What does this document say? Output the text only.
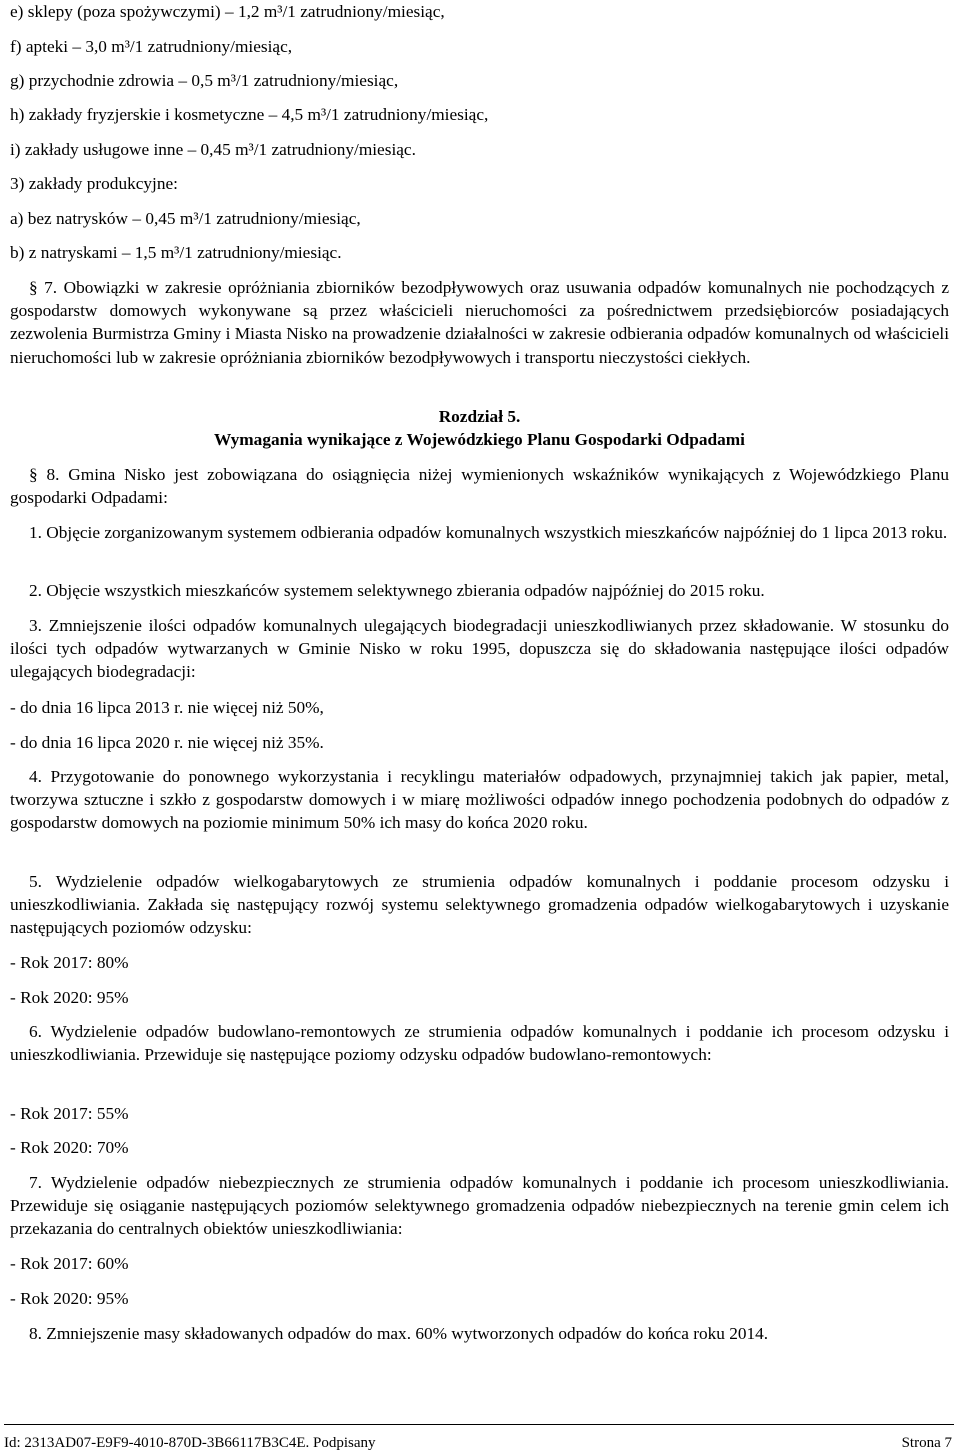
e) sklepy (poza spożywczymi) – 1,2 m³/1 zatrudniony/miesiąc,

f) apteki – 3,0 m³/1 zatrudniony/miesiąc,

g) przychodnie zdrowia – 0,5 m³/1 zatrudniony/miesiąc,

h) zakłady fryzjerskie i kosmetyczne – 4,5 m³/1 zatrudniony/miesiąc,

i) zakłady usługowe inne – 0,45 m³/1 zatrudniony/miesiąc.

3) zakłady produkcyjne:

a) bez natrysków – 0,45 m³/1 zatrudniony/miesiąc,

b) z natryskami – 1,5 m³/1 zatrudniony/miesiąc.

§ 7. Obowiązki w zakresie opróżniania zbiorników bezodpływowych oraz usuwania odpadów komunalnych nie pochodzących z gospodarstw domowych wykonywane są przez właścicieli nieruchomości za pośrednictwem przedsiębiorców posiadających zezwolenia Burmistrza Gminy i Miasta Nisko na prowadzenie działalności w zakresie odbierania odpadów komunalnych od właścicieli nieruchomości lub w zakresie opróżniania zbiorników bezodpływowych i transportu nieczystości ciekłych.

Rozdział 5.

Wymagania wynikające z Wojewódzkiego Planu Gospodarki Odpadami

§ 8. Gmina Nisko jest zobowiązana do osiągnięcia niżej wymienionych wskaźników wynikających z Wojewódzkiego Planu gospodarki Odpadami:

1. Objęcie zorganizowanym systemem odbierania odpadów komunalnych wszystkich mieszkańców najpóźniej do 1 lipca 2013 roku.

2. Objęcie wszystkich mieszkańców systemem selektywnego zbierania odpadów najpóźniej do 2015 roku.

3. Zmniejszenie ilości odpadów komunalnych ulegających biodegradacji unieszkodliwianych przez składowanie. W stosunku do ilości tych odpadów wytwarzanych w Gminie Nisko w roku 1995, dopuszcza się do składowania następujące ilości odpadów ulegających biodegradacji:

- do dnia 16 lipca 2013 r. nie więcej niż 50%,

- do dnia 16 lipca 2020 r. nie więcej niż 35%.

4. Przygotowanie do ponownego wykorzystania i recyklingu materiałów odpadowych, przynajmniej takich jak papier, metal, tworzywa sztuczne i szkło z gospodarstw domowych i w miarę możliwości odpadów innego pochodzenia podobnych do odpadów z gospodarstw domowych na poziomie minimum 50% ich masy do końca 2020 roku.

5. Wydzielenie odpadów wielkogabarytowych ze strumienia odpadów komunalnych i poddanie procesom odzysku i unieszkodliwiania. Zakłada się następujący rozwój systemu selektywnego gromadzenia odpadów wielkogabarytowych i uzyskanie następujących poziomów odzysku:

- Rok 2017: 80%

- Rok 2020: 95%

6. Wydzielenie odpadów budowlano-remontowych ze strumienia odpadów komunalnych i poddanie ich procesom odzysku i unieszkodliwiania. Przewiduje się następujące poziomy odzysku odpadów budowlano-remontowych:

- Rok 2017: 55%

- Rok 2020: 70%

7. Wydzielenie odpadów niebezpiecznych ze strumienia odpadów komunalnych i poddanie ich procesom unieszkodliwiania. Przewiduje się osiąganie następujących poziomów selektywnego gromadzenia odpadów niebezpiecznych na terenie gmin celem ich przekazania do centralnych obiektów unieszkodliwiania:

- Rok 2017: 60%

- Rok 2020: 95%

8. Zmniejszenie masy składowanych odpadów do max. 60% wytworzonych odpadów do końca roku 2014.

Id: 2313AD07-E9F9-4010-870D-3B66117B3C4E. Podpisany	Strona 7
